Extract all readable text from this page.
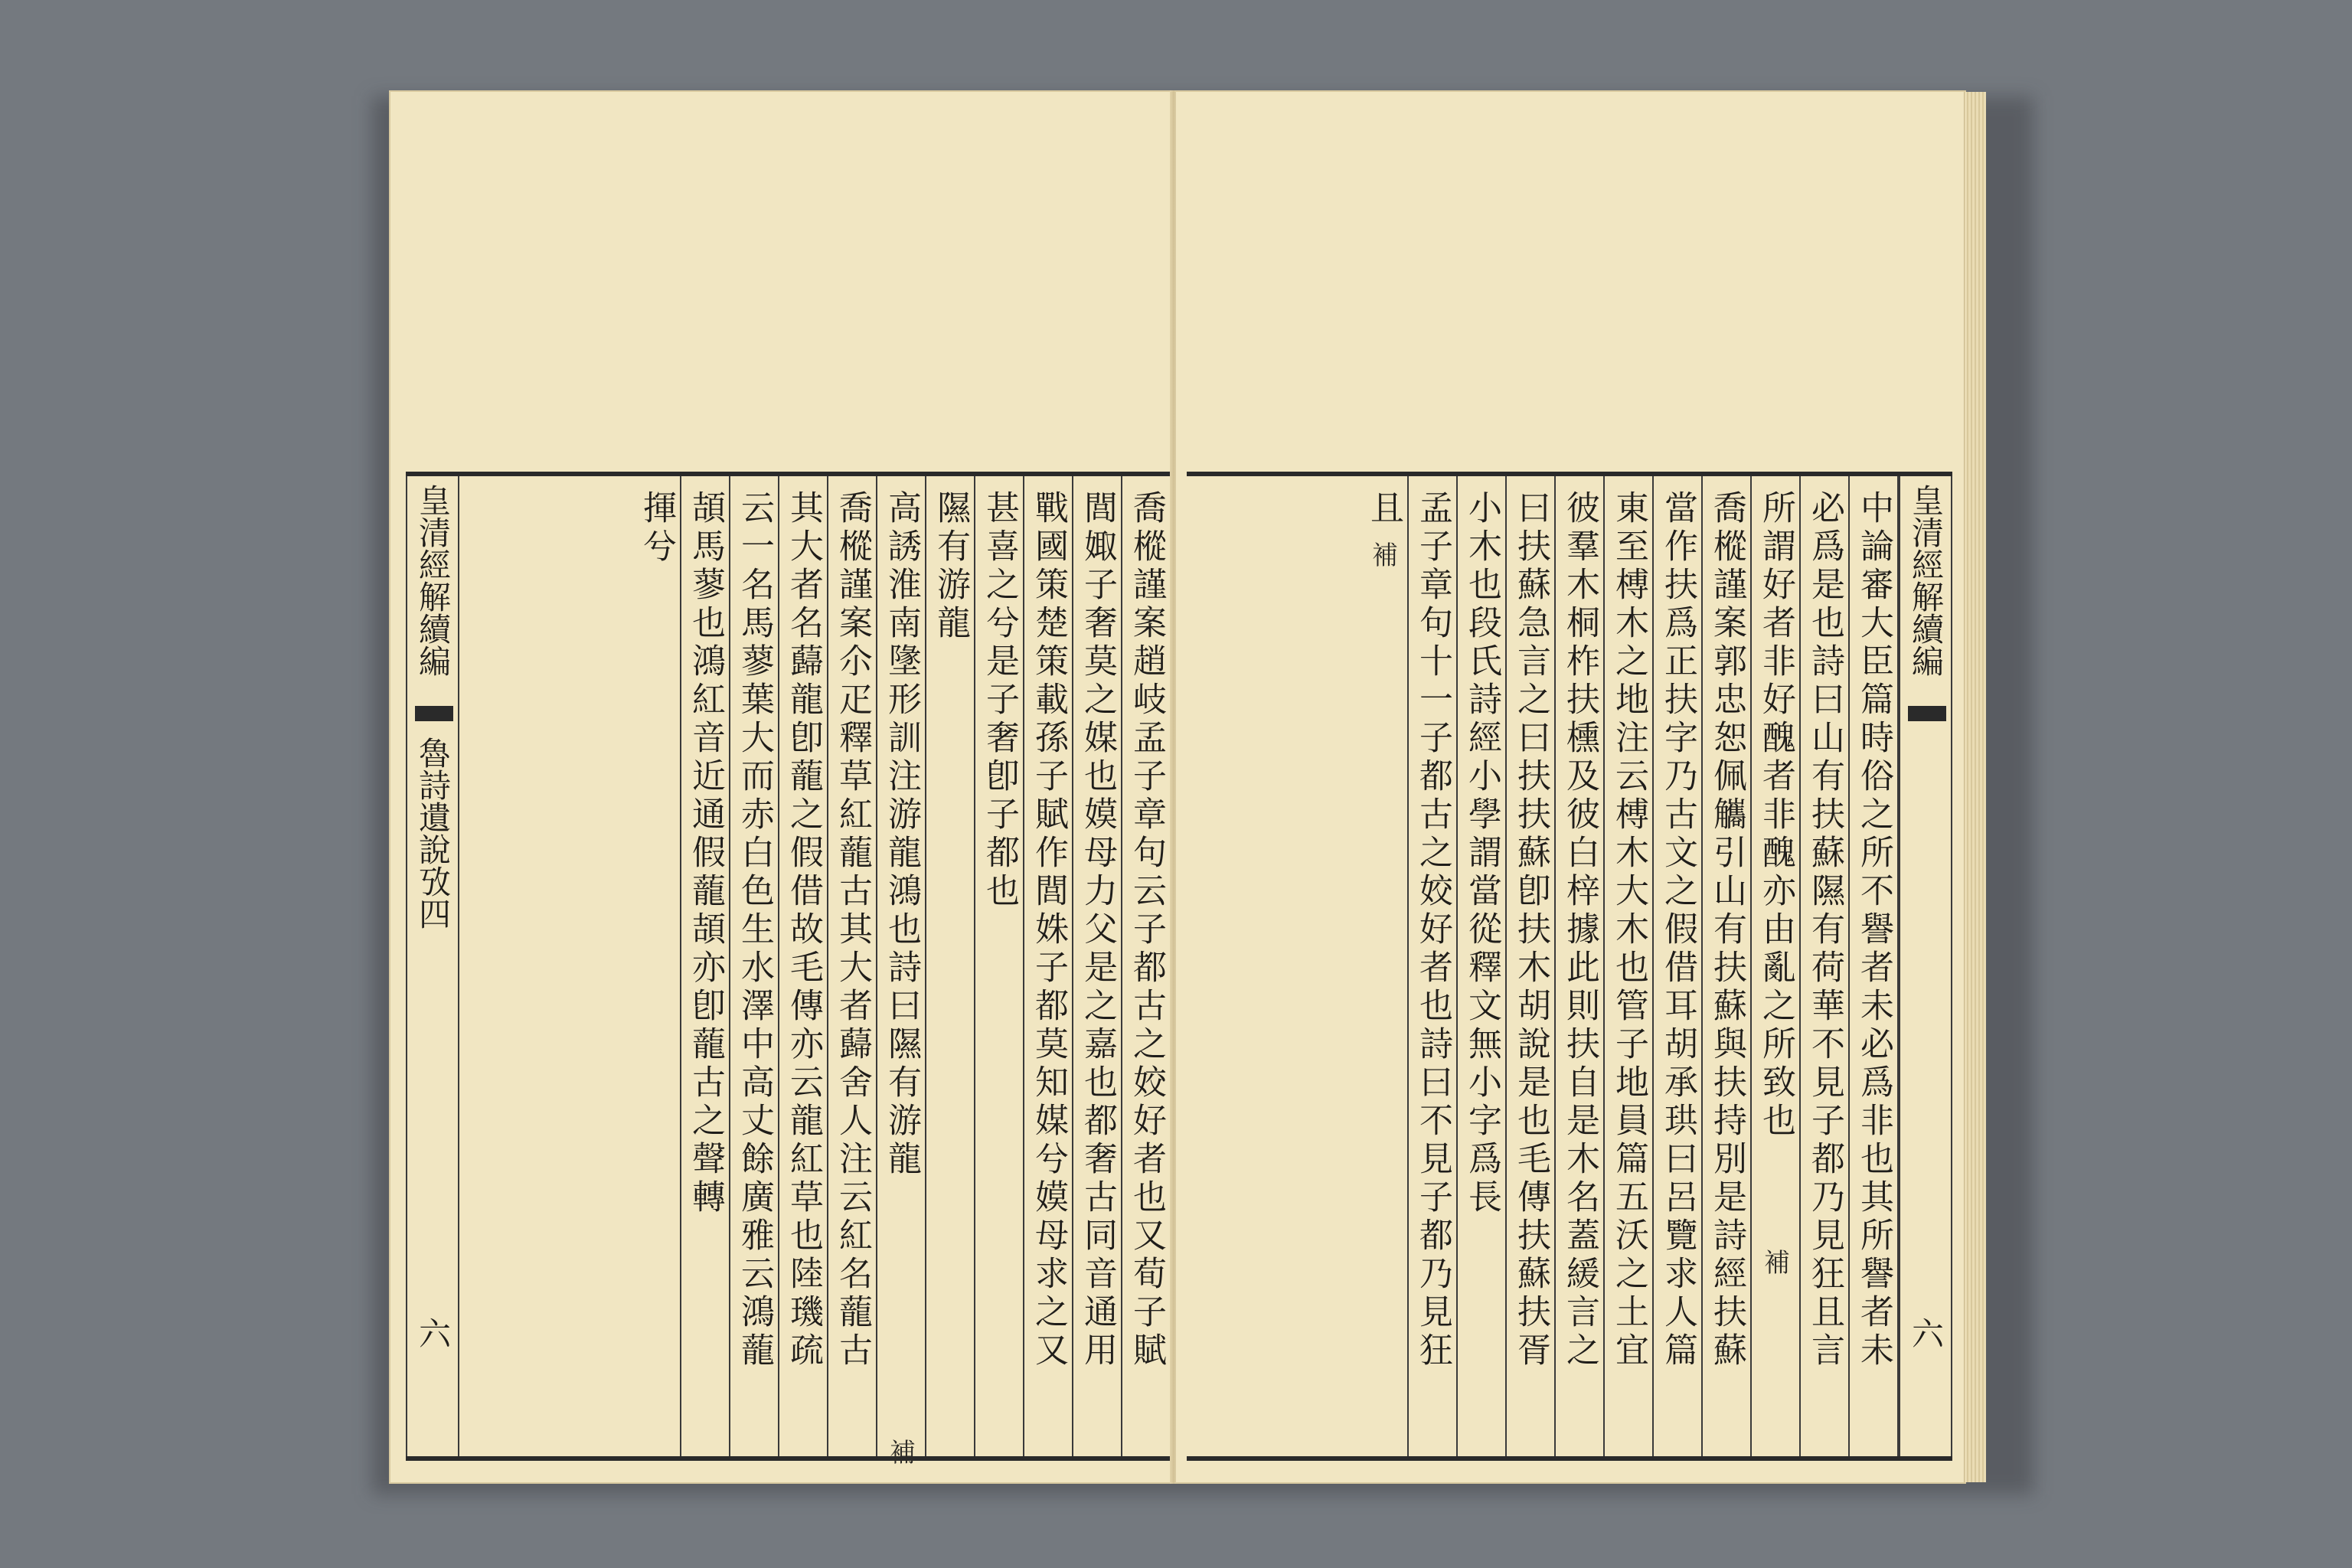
喬樅謹案趙岐孟子章句云子都古之姣好者也又荀子賦
閭娵子奢莫之媒也嫫母力父是之嘉也都奢古同音通用
戰國策楚策載孫子賦作閭姝子都莫知媒兮嫫母求之又
甚喜之兮是子奢卽子都也
隰有游龍
高誘淮南墬形訓注游龍鴻也詩曰隰有游龍
補
喬樅謹案尒疋釋草紅蘢古其大者蘬舍人注云紅名蘢古
其大者名蘬龍卽蘢之假借故毛傳亦云龍紅草也陸璣疏
云一名馬蓼葉大而赤白色生水澤中高丈餘廣雅云鴻蘢
頡馬蓼也鴻紅音近通假蘢頡亦卽蘢古之聲轉
揮兮
皇清經解續編
魯詩遺說攷四
六
皇清經解續編
六
中論審大臣篇時俗之所不譽者未必爲非也其所譽者未
必爲是也詩曰山有扶蘇隰有荷華不見子都乃見狂且言
所謂好者非好醜者非醜亦由亂之所致也
補
喬樅謹案郭忠恕佩觿引山有扶蘇與扶持別是詩經扶蘇
當作扶爲正扶字乃古文之假借耳胡承珙曰呂覽求人篇
東至榑木之地注云榑木大木也管子地員篇五沃之土宜
彼羣木桐柞扶櫄及彼白梓據此則扶自是木名蓋緩言之
曰扶蘇急言之曰扶扶蘇卽扶木胡說是也毛傳扶蘇扶胥
小木也段氏詩經小學謂當從釋文無小字爲長
孟子章句十一子都古之姣好者也詩曰不見子都乃見狂
且
補
